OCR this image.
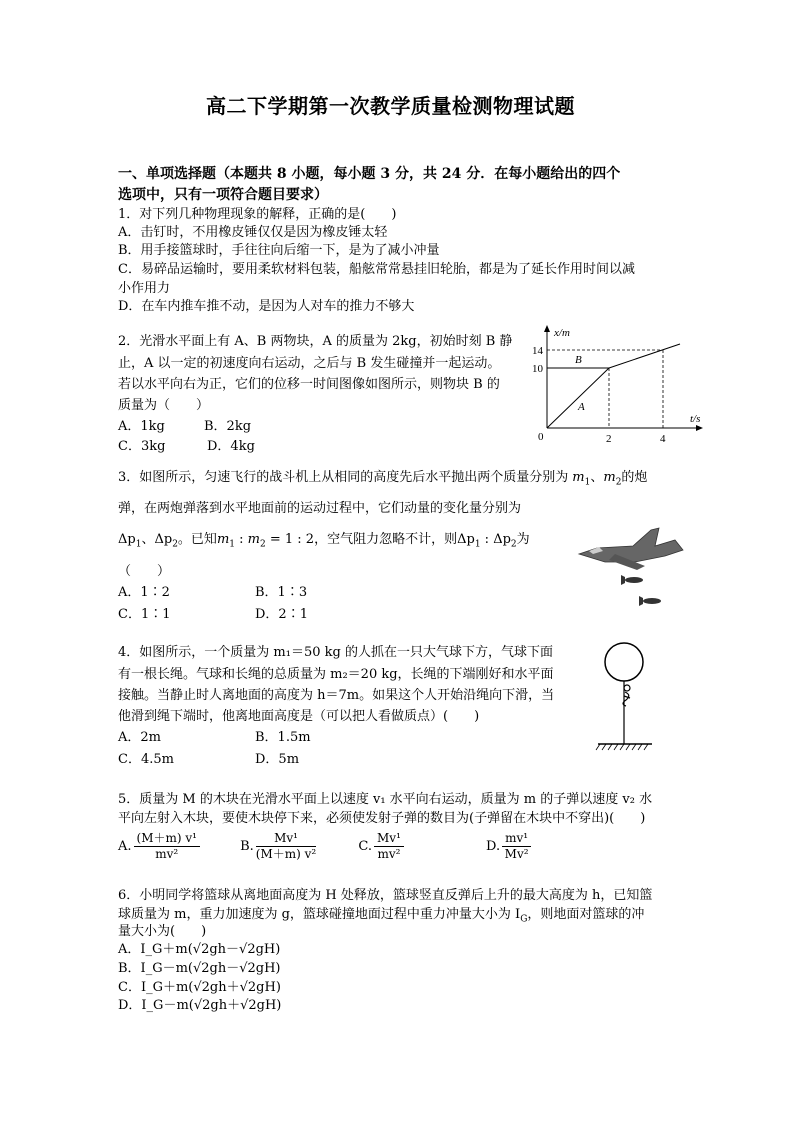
高二下学期第一次教学质量检测物理试题
一、单项选择题（本题共 8 小题，每小题 3 分，共 24 分．在每小题给出的四个
选项中，只有一项符合题目要求）
1．对下列几种物理现象的解释，正确的是(　　)
A．击钉时，不用橡皮锤仅仅是因为橡皮锤太轻
B．用手接篮球时，手往往向后缩一下，是为了减小冲量
C．易碎品运输时，要用柔软材料包装，船舷常常悬挂旧轮胎，都是为了延长作用时间以减
小作用力
D．在车内推车推不动，是因为人对车的推力不够大
2．光滑水平面上有 A、B 两物块，A 的质量为 2kg，初始时刻 B 静
止，A 以一定的初速度向右运动，之后与 B 发生碰撞并一起运动。
若以水平向右为正，它们的位移一时间图像如图所示，则物块 B 的
质量为（　　）
A．1kg	B．2kg
C．3kg	D．4kg
x/m
t/s
0
14
10
2	4
A
B
3．如图所示，匀速飞行的战斗机上从相同的高度先后水平抛出两个质量分别为 $m_1$、$m_2$的炮
弹，在两炮弹落到水平地面前的运动过程中，它们动量的变化量分别为
$\Delta p_1$、$\Delta p_2$。已知$m_1$ : $m_2 = 1$ : 2，空气阻力忽略不计，则$\Delta p_1$ : $\Delta p_2$为
（　　）
A．1∶2	B．1∶3
C．1∶1	D．2∶1
4．如图所示，一个质量为 m₁＝50 kg 的人抓在一只大气球下方，气球下面
有一根长绳。气球和长绳的总质量为 m₂＝20 kg，长绳的下端刚好和水平面
接触。当静止时人离地面的高度为 h＝7m。如果这个人开始沿绳向下滑，当
他滑到绳下端时，他离地面高度是（可以把人看做质点）(　　)
A．2m	B．1.5m
C．4.5m	D．5m
5．质量为 M 的木块在光滑水平面上以速度 v₁ 水平向右运动，质量为 m 的子弹以速度 v₂ 水
平向左射入木块，要使木块停下来，必须使发射子弹的数目为(子弹留在木块中不穿出)(　　)
A. $\frac{\text{(M＋m) v¹}}{\text{mv²}}$	B. $\frac{\text{Mv¹}}{\text{(M＋m) v²}}$	C. $\frac{\text{Mv¹}}{\text{mv²}}$	D. $\frac{\text{mv¹}}{\text{Mv²}}$
6．小明同学将篮球从离地面高度为 H 处释放，篮球竖直反弹后上升的最大高度为 h，已知篮
球质量为 m，重力加速度为 g，篮球碰撞地面过程中重力冲量大小为 $I_G$，则地面对篮球的冲
量大小为(　　)
A．I_G＋m(√2gh－√2gH)
B．I_G－m(√2gh－√2gH)
C．I_G＋m(√2gh＋√2gH)
D．I_G－m(√2gh＋√2gH)
